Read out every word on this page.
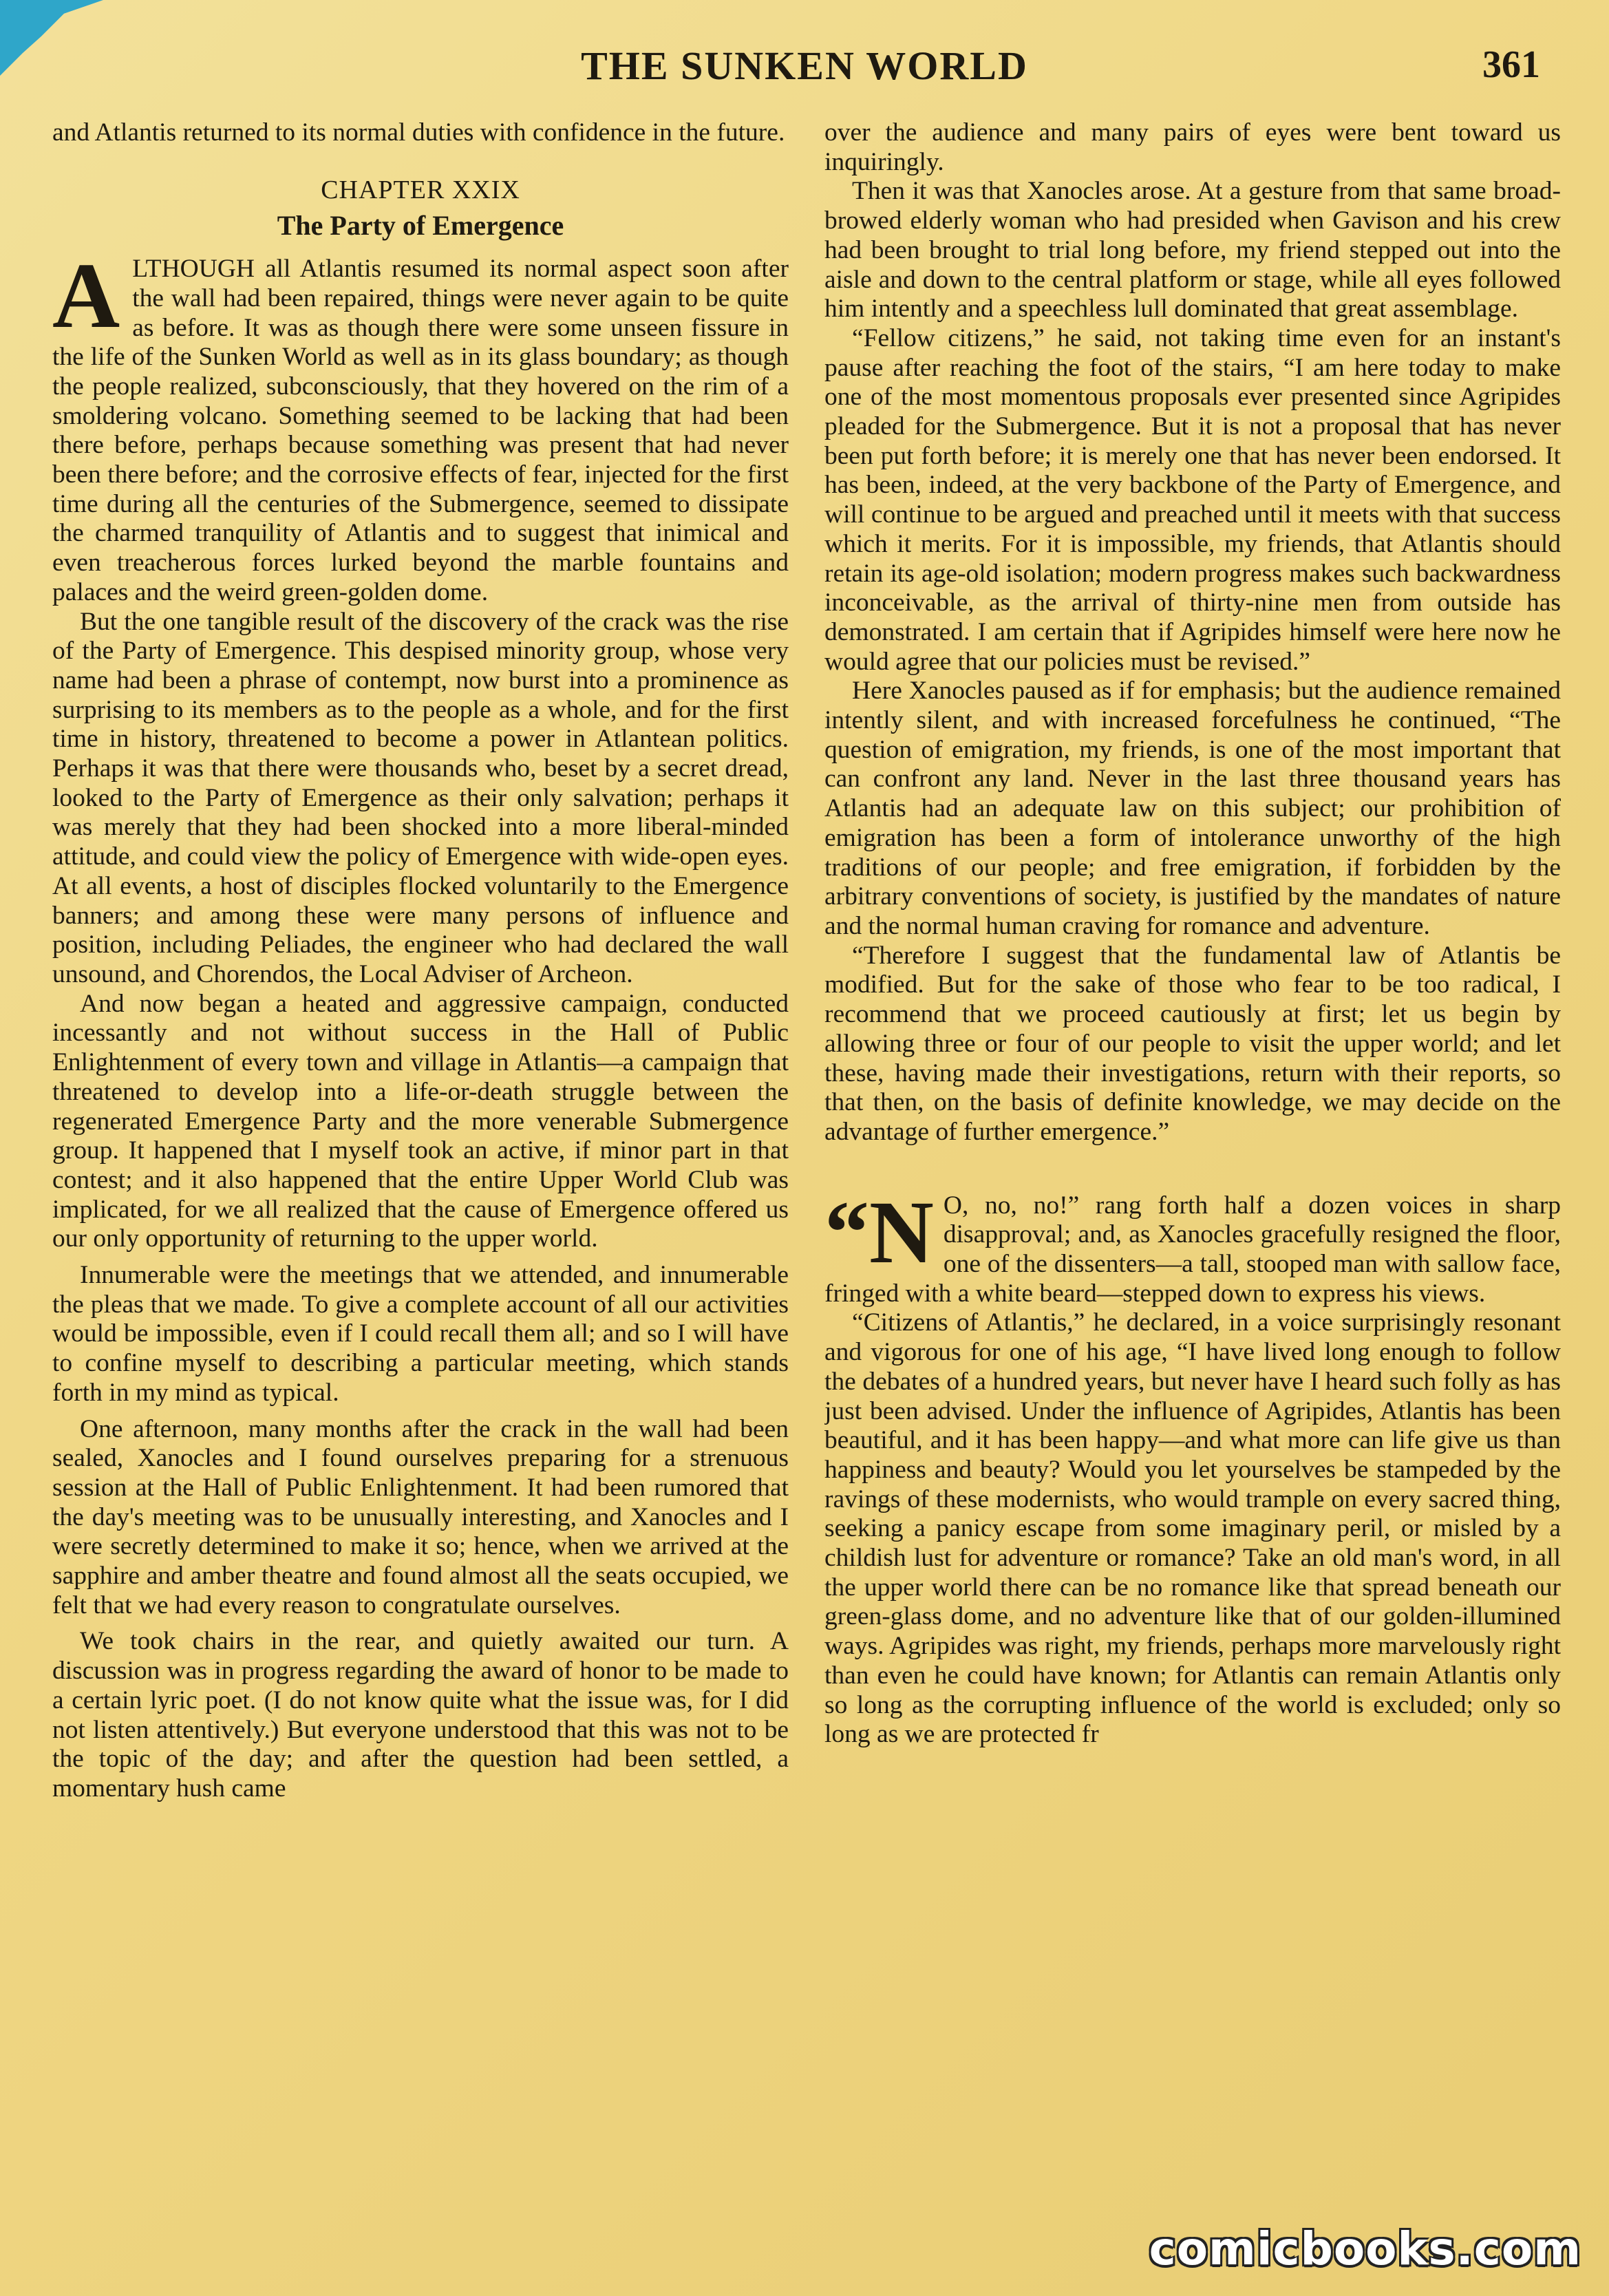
THE SUNKEN WORLD	361

and Atlantis returned to its normal duties with confidence in the future.

CHAPTER XXIX
The Party of Emergence

ALTHOUGH all Atlantis resumed its normal aspect soon after the wall had been repaired, things were never again to be quite as before. It was as though there were some unseen fissure in the life of the Sunken World as well as in its glass boundary; as though the people realized, subconsciously, that they hovered on the rim of a smoldering volcano. Something seemed to be lacking that had been there before, perhaps because something was present that had never been there before; and the corrosive effects of fear, injected for the first time during all the centuries of the Submergence, seemed to dissipate the charmed tranquility of Atlantis and to suggest that inimical and even treacherous forces lurked beyond the marble fountains and palaces and the weird green-golden dome.

But the one tangible result of the discovery of the crack was the rise of the Party of Emergence. This despised minority group, whose very name had been a phrase of contempt, now burst into a prominence as surprising to its members as to the people as a whole, and for the first time in history, threatened to become a power in Atlantean politics. Perhaps it was that there were thousands who, beset by a secret dread, looked to the Party of Emergence as their only salvation; perhaps it was merely that they had been shocked into a more liberal-minded attitude, and could view the policy of Emergence with wide-open eyes. At all events, a host of disciples flocked voluntarily to the Emergence banners; and among these were many persons of influence and position, including Peliades, the engineer who had declared the wall unsound, and Chorendos, the Local Adviser of Archeon.

And now began a heated and aggressive campaign, conducted incessantly and not without success in the Hall of Public Enlightenment of every town and village in Atlantis—a campaign that threatened to develop into a life-or-death struggle between the regenerated Emergence Party and the more venerable Submergence group. It happened that I myself took an active, if minor part in that contest; and it also happened that the entire Upper World Club was implicated, for we all realized that the cause of Emergence offered us our only opportunity of returning to the upper world.

Innumerable were the meetings that we attended, and innumerable the pleas that we made. To give a complete account of all our activities would be impossible, even if I could recall them all; and so I will have to confine myself to describing a particular meeting, which stands forth in my mind as typical.

One afternoon, many months after the crack in the wall had been sealed, Xanocles and I found ourselves preparing for a strenuous session at the Hall of Public Enlightenment. It had been rumored that the day's meeting was to be unusually interesting, and Xanocles and I were secretly determined to make it so; hence, when we arrived at the sapphire and amber theatre and found almost all the seats occupied, we felt that we had every reason to congratulate ourselves.

We took chairs in the rear, and quietly awaited our turn. A discussion was in progress regarding the award of honor to be made to a certain lyric poet. (I do not know quite what the issue was, for I did not listen attentively.) But everyone understood that this was not to be the topic of the day; and after the question had been settled, a momentary hush came

over the audience and many pairs of eyes were bent toward us inquiringly.

Then it was that Xanocles arose. At a gesture from that same broad-browed elderly woman who had presided when Gavison and his crew had been brought to trial long before, my friend stepped out into the aisle and down to the central platform or stage, while all eyes followed him intently and a speechless lull dominated that great assemblage.

“Fellow citizens,” he said, not taking time even for an instant's pause after reaching the foot of the stairs, “I am here today to make one of the most momentous proposals ever presented since Agripides pleaded for the Submergence. But it is not a proposal that has never been put forth before; it is merely one that has never been endorsed. It has been, indeed, at the very backbone of the Party of Emergence, and will continue to be argued and preached until it meets with that success which it merits. For it is impossible, my friends, that Atlantis should retain its age-old isolation; modern progress makes such backwardness inconceivable, as the arrival of thirty-nine men from outside has demonstrated. I am certain that if Agripides himself were here now he would agree that our policies must be revised.”

Here Xanocles paused as if for emphasis; but the audience remained intently silent, and with increased forcefulness he continued, “The question of emigration, my friends, is one of the most important that can confront any land. Never in the last three thousand years has Atlantis had an adequate law on this subject; our prohibition of emigration has been a form of intolerance unworthy of the high traditions of our people; and free emigration, if forbidden by the arbitrary conventions of society, is justified by the mandates of nature and the normal human craving for romance and adventure.

“Therefore I suggest that the fundamental law of Atlantis be modified. But for the sake of those who fear to be too radical, I recommend that we proceed cautiously at first; let us begin by allowing three or four of our people to visit the upper world; and let these, having made their investigations, return with their reports, so that then, on the basis of definite knowledge, we may decide on the advantage of further emergence.”

“N O, no, no!” rang forth half a dozen voices in sharp disapproval; and, as Xanocles gracefully resigned the floor, one of the dissenters—a tall, stooped man with sallow face, fringed with a white beard—stepped down to express his views.

“Citizens of Atlantis,” he declared, in a voice surprisingly resonant and vigorous for one of his age, “I have lived long enough to follow the debates of a hundred years, but never have I heard such folly as has just been advised. Under the influence of Agripides, Atlantis has been beautiful, and it has been happy—and what more can life give us than happiness and beauty? Would you let yourselves be stampeded by the ravings of these modernists, who would trample on every sacred thing, seeking a panicy escape from some imaginary peril, or misled by a childish lust for adventure or romance? Take an old man's word, in all the upper world there can be no romance like that spread beneath our green-glass dome, and no adventure like that of our golden-illumined ways. Agripides was right, my friends, perhaps more marvelously right than even he could have known; for Atlantis can remain Atlantis only so long as the corrupting influence of the world is excluded; only so long as we are protected fr

comicbooks.com
